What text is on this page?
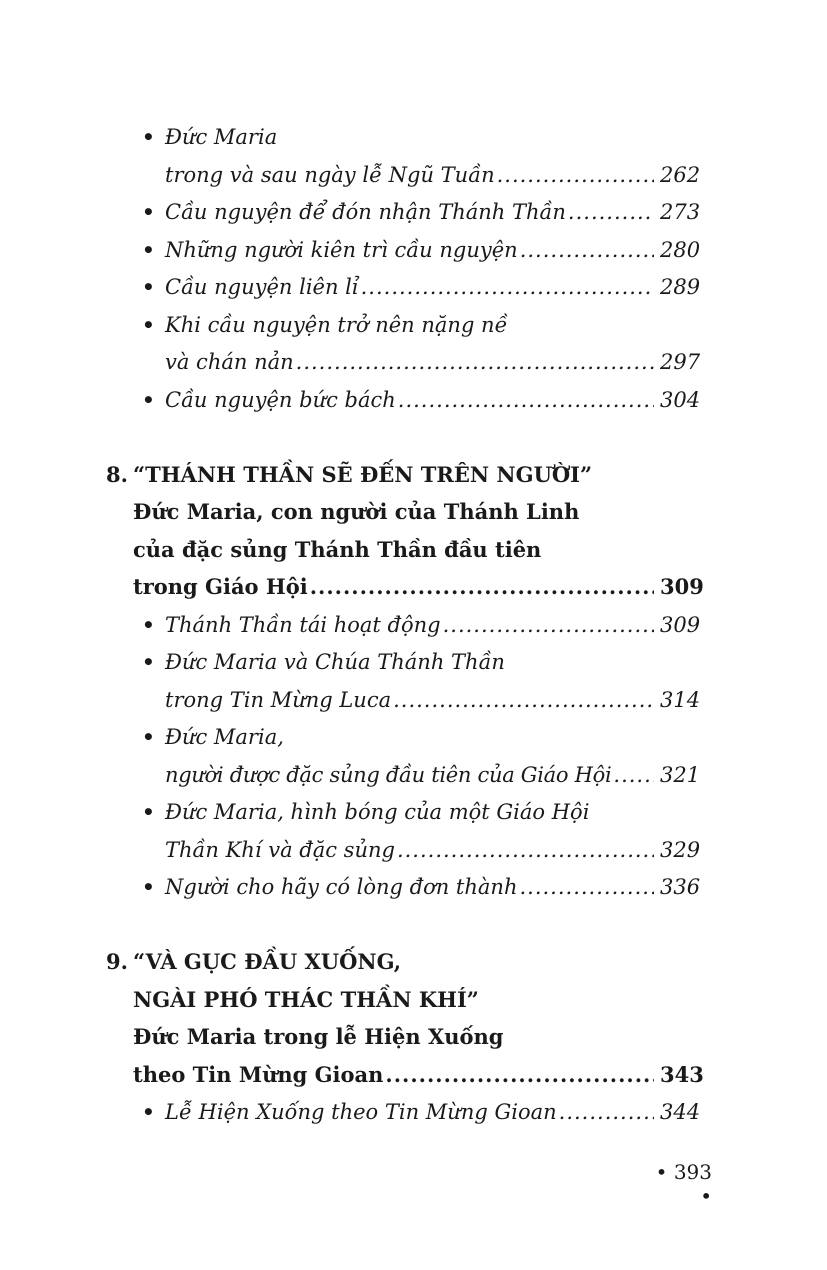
• Đức Maria
trong và sau ngày lễ Ngũ Tuần .....	262
• Cầu nguyện để đón nhận Thánh Thần .....	273
• Những người kiên trì cầu nguyện .....	280
• Cầu nguyện liên lỉ .....	289
• Khi cầu nguyện trở nên nặng nề
và chán nản .....	297
• Cầu nguyện bức bách .....	304
8. “THÁNH THẦN SẼ ĐẾN TRÊN NGƯỜI”
Đức Maria, con người của Thánh Linh
của đặc sủng Thánh Thần đầu tiên
trong Giáo Hội .....	309
• Thánh Thần tái hoạt động .....	309
• Đức Maria và Chúa Thánh Thần
trong Tin Mừng Luca .....	314
• Đức Maria,
người được đặc sủng đầu tiên của Giáo Hội ..... 321
• Đức Maria, hình bóng của một Giáo Hội
Thần Khí và đặc sủng .....	329
• Người cho hãy có lòng đơn thành .....	336
9. “VÀ GỤC ĐẦU XUỐNG,
NGÀI PHÓ THÁC THẦN KHÍ”
Đức Maria trong lễ Hiện Xuống
theo Tin Mừng Gioan .....	343
• Lễ Hiện Xuống theo Tin Mừng Gioan .....	344
• 393 •
